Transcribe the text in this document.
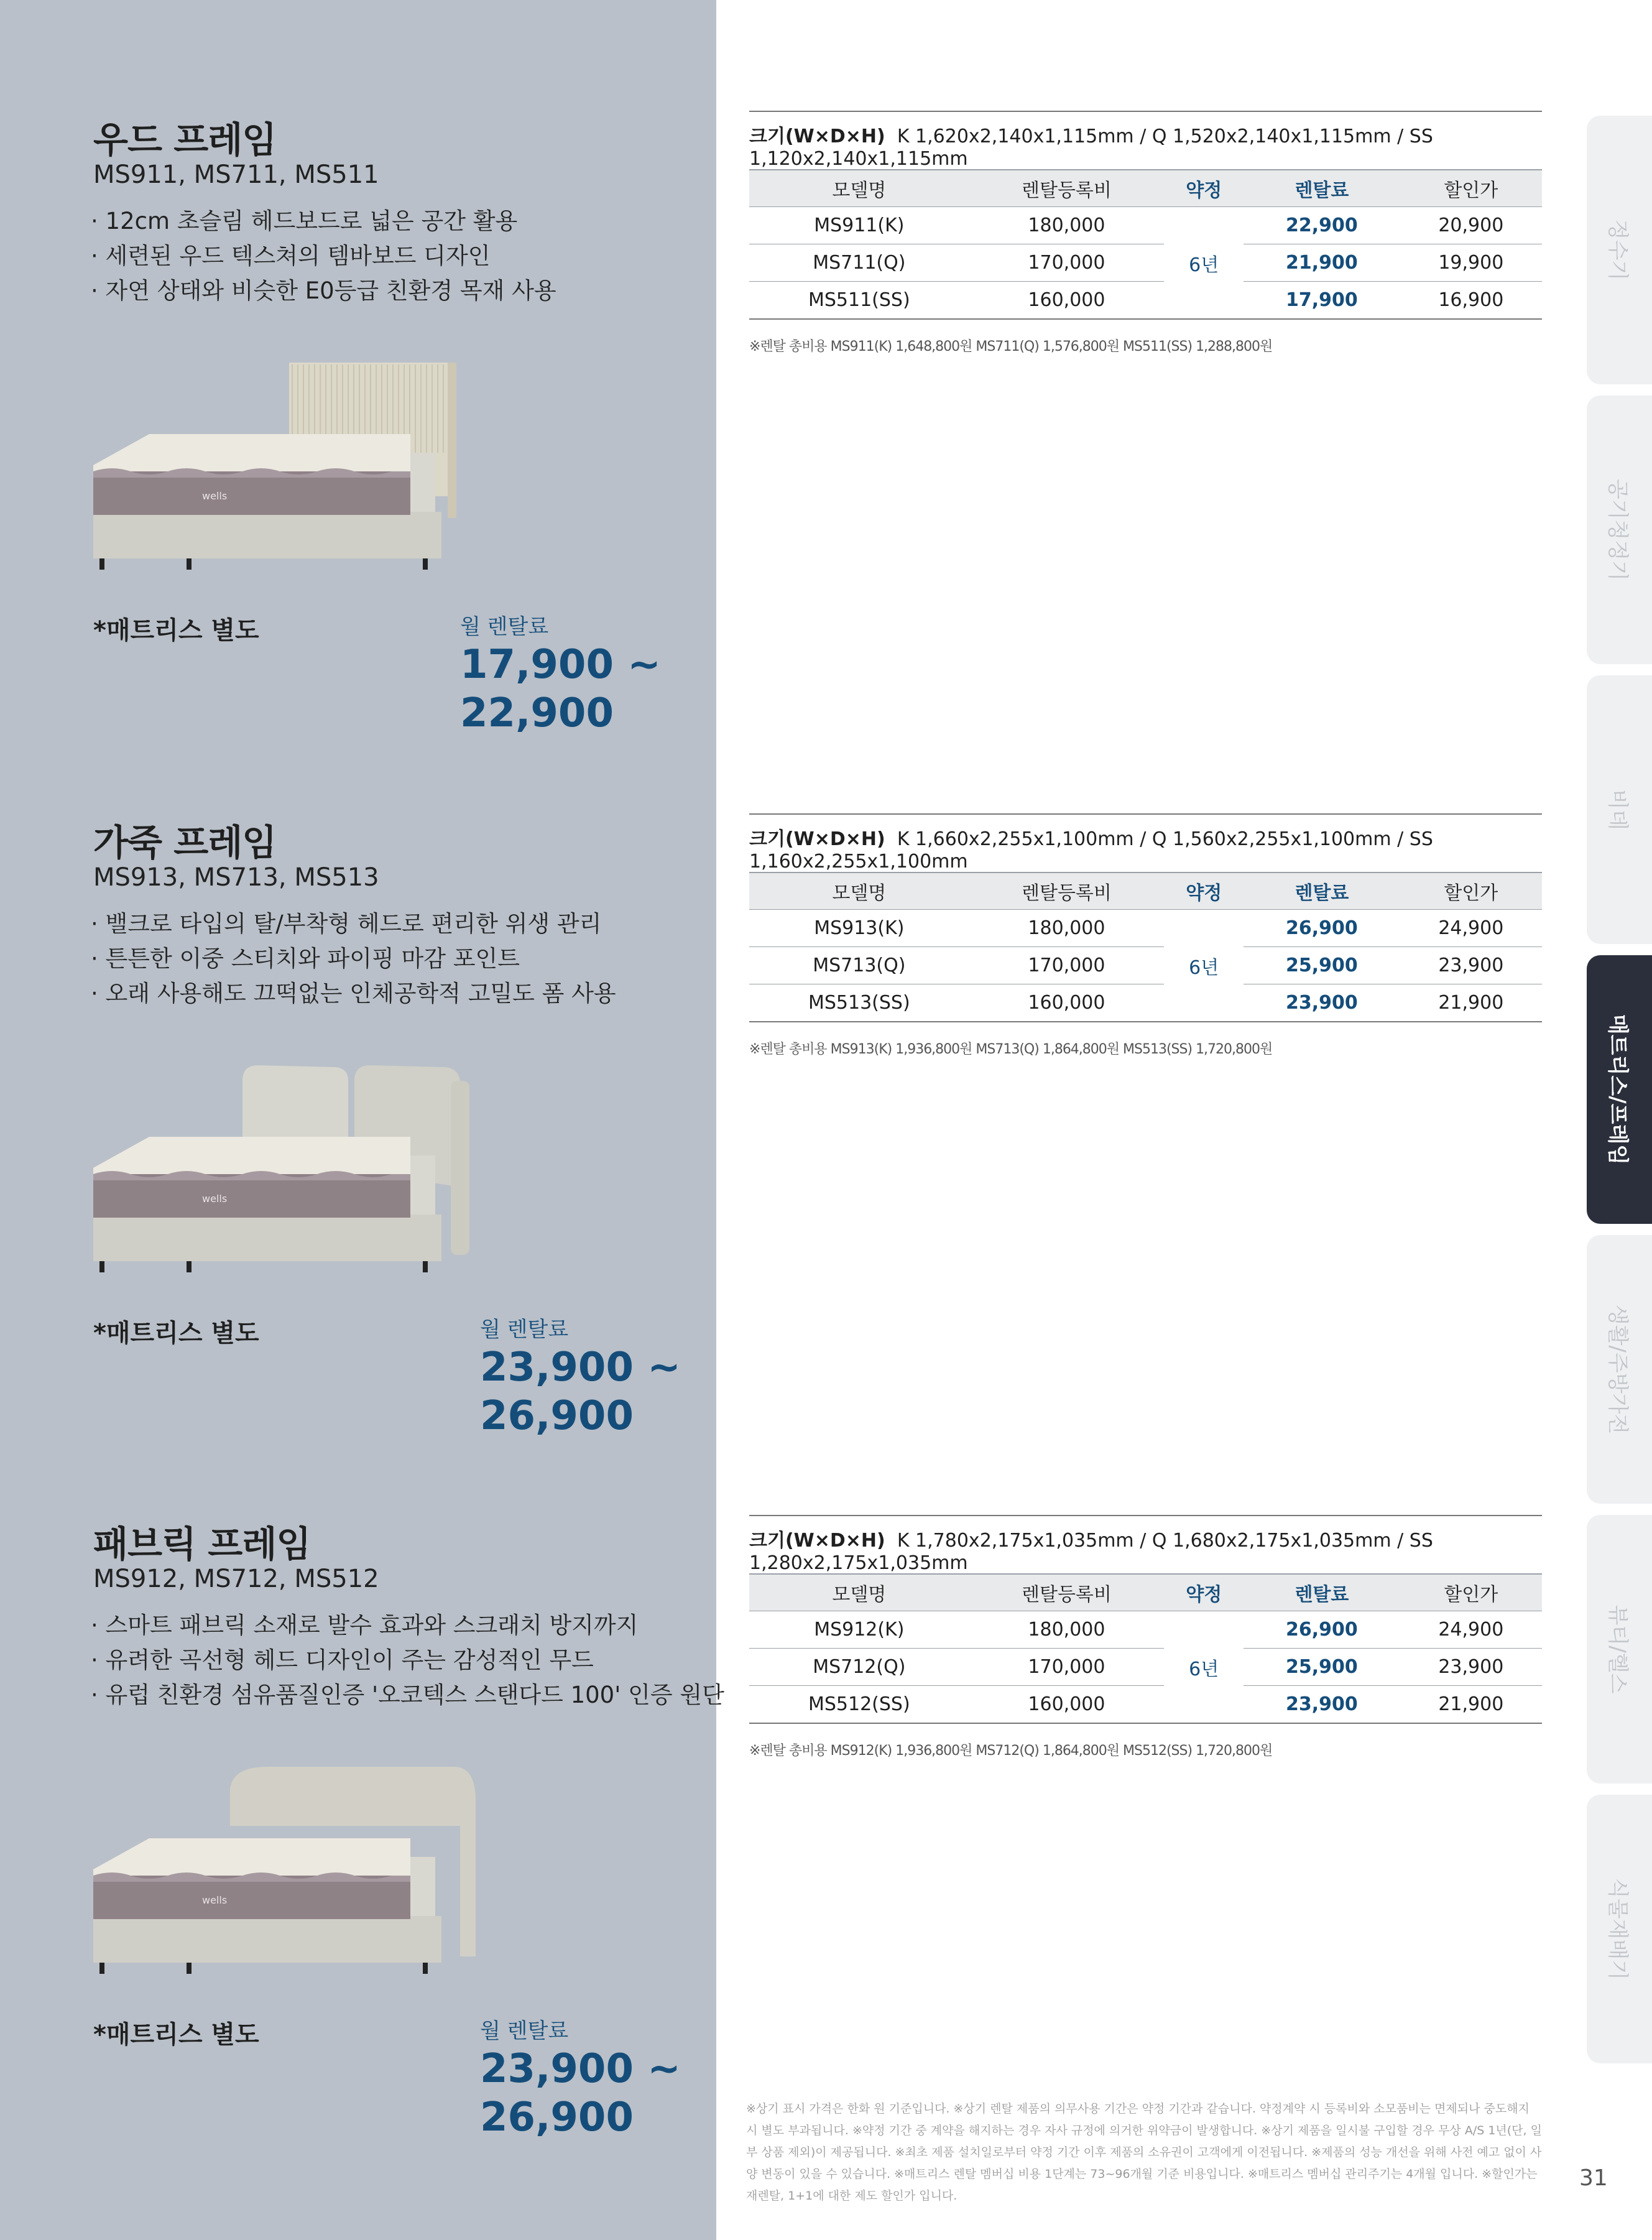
우드 프레임
MS911, MS711, MS511
· 12cm 초슬림 헤드보드로 넓은 공간 활용
· 세련된 우드 텍스쳐의 템바보드 디자인
· 자연 상태와 비슷한 E0등급 친환경 목재 사용
wells
*매트리스 별도	월 렌탈료
17,900 ~
22,900
크기(W×D×H) K 1,620x2,140x1,115mm / Q 1,520x2,140x1,115mm / SS 1,120x2,140x1,115mm
모델명	렌탈등록비	약정	렌탈료	할인가
MS911(K)	180,000	6년	22,900	20,900
MS711(Q)	170,000		21,900	19,900
MS511(SS)	160,000		17,900	16,900
※렌탈 총비용 MS911(K) 1,648,800원 MS711(Q) 1,576,800원 MS511(SS) 1,288,800원
가죽 프레임
MS913, MS713, MS513
· 밸크로 타입의 탈/부착형 헤드로 편리한 위생 관리
· 튼튼한 이중 스티치와 파이핑 마감 포인트
· 오래 사용해도 끄떡없는 인체공학적 고밀도 폼 사용
wells
*매트리스 별도	월 렌탈료
23,900 ~
26,900
크기(W×D×H) K 1,660x2,255x1,100mm / Q 1,560x2,255x1,100mm / SS 1,160x2,255x1,100mm
모델명	렌탈등록비	약정	렌탈료	할인가
MS913(K)	180,000	6년	26,900	24,900
MS713(Q)	170,000		25,900	23,900
MS513(SS)	160,000		23,900	21,900
※렌탈 총비용 MS913(K) 1,936,800원 MS713(Q) 1,864,800원 MS513(SS) 1,720,800원
패브릭 프레임
MS912, MS712, MS512
· 스마트 패브릭 소재로 발수 효과와 스크래치 방지까지
· 유려한 곡선형 헤드 디자인이 주는 감성적인 무드
· 유럽 친환경 섬유품질인증 '오코텍스 스탠다드 100' 인증 원단
wells
*매트리스 별도	월 렌탈료
23,900 ~
26,900
크기(W×D×H) K 1,780x2,175x1,035mm / Q 1,680x2,175x1,035mm / SS 1,280x2,175x1,035mm
모델명	렌탈등록비	약정	렌탈료	할인가
MS912(K)	180,000	6년	26,900	24,900
MS712(Q)	170,000		25,900	23,900
MS512(SS)	160,000		23,900	21,900
※렌탈 총비용 MS912(K) 1,936,800원 MS712(Q) 1,864,800원 MS512(SS) 1,720,800원
정수기
공기청정기
비데
매트리스/프레임
생활/주방가전
뷰티/헬스
식물재배기
※상기 표시 가격은 한화 원 기준입니다. ※상기 렌탈 제품의 의무사용 기간은 약정 기간과 같습니다. 약정계약 시 등록비와 소모품비는 면제되나 중도해지 시 별도 부과됩니다. ※약정 기간 중 계약을 해지하는 경우 자사 규정에 의거한 위약금이 발생합니다. ※상기 제품을 일시불 구입할 경우 무상 A/S 1년(단, 일부 상품 제외)이 제공됩니다. ※최초 제품 설치일로부터 약정 기간 이후 제품의 소유권이 고객에게 이전됩니다. ※제품의 성능 개선을 위해 사전 예고 없이 사양 변동이 있을 수 있습니다. ※매트리스 렌탈 멤버십 비용 1단계는 73~96개월 기준 비용입니다. ※매트리스 멤버십 관리주기는 4개월 입니다. ※할인가는 재렌탈, 1+1에 대한 제도 할인가 입니다.
31
